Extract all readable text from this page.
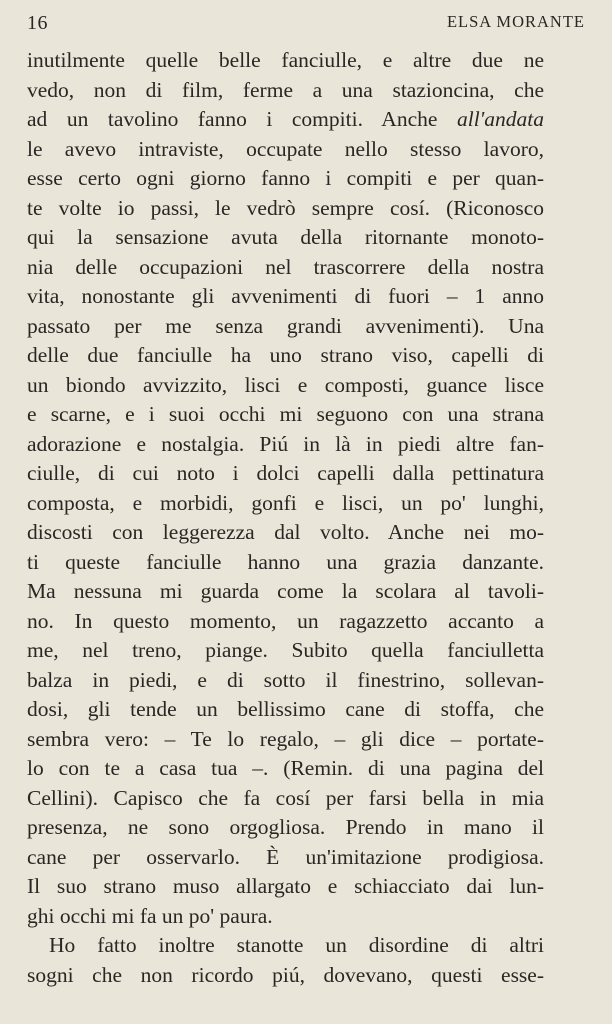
16	ELSA MORANTE
inutilmente quelle belle fanciulle, e altre due ne
vedo, non di film, ferme a una stazioncina, che
ad un tavolino fanno i compiti. Anche all'andata
le avevo intraviste, occupate nello stesso lavoro,
esse certo ogni giorno fanno i compiti e per quan-
te volte io passi, le vedrò sempre cosí. (Riconosco
qui la sensazione avuta della ritornante monoto-
nia delle occupazioni nel trascorrere della nostra
vita, nonostante gli avvenimenti di fuori – 1 anno
passato per me senza grandi avvenimenti). Una
delle due fanciulle ha uno strano viso, capelli di
un biondo avvizzito, lisci e composti, guance lisce
e scarne, e i suoi occhi mi seguono con una strana
adorazione e nostalgia. Piú in là in piedi altre fan-
ciulle, di cui noto i dolci capelli dalla pettinatura
composta, e morbidi, gonfi e lisci, un po' lunghi,
discosti con leggerezza dal volto. Anche nei mo-
ti queste fanciulle hanno una grazia danzante.
Ma nessuna mi guarda come la scolara al tavoli-
no. In questo momento, un ragazzetto accanto a
me, nel treno, piange. Subito quella fanciulletta
balza in piedi, e di sotto il finestrino, sollevan-
dosi, gli tende un bellissimo cane di stoffa, che
sembra vero: – Te lo regalo, – gli dice – portate-
lo con te a casa tua –. (Remin. di una pagina del
Cellini). Capisco che fa cosí per farsi bella in mia
presenza, ne sono orgogliosa. Prendo in mano il
cane per osservarlo. È un'imitazione prodigiosa.
Il suo strano muso allargato e schiacciato dai lun-
ghi occhi mi fa un po' paura.
Ho fatto inoltre stanotte un disordine di altri
sogni che non ricordo piú, dovevano, questi esse-
